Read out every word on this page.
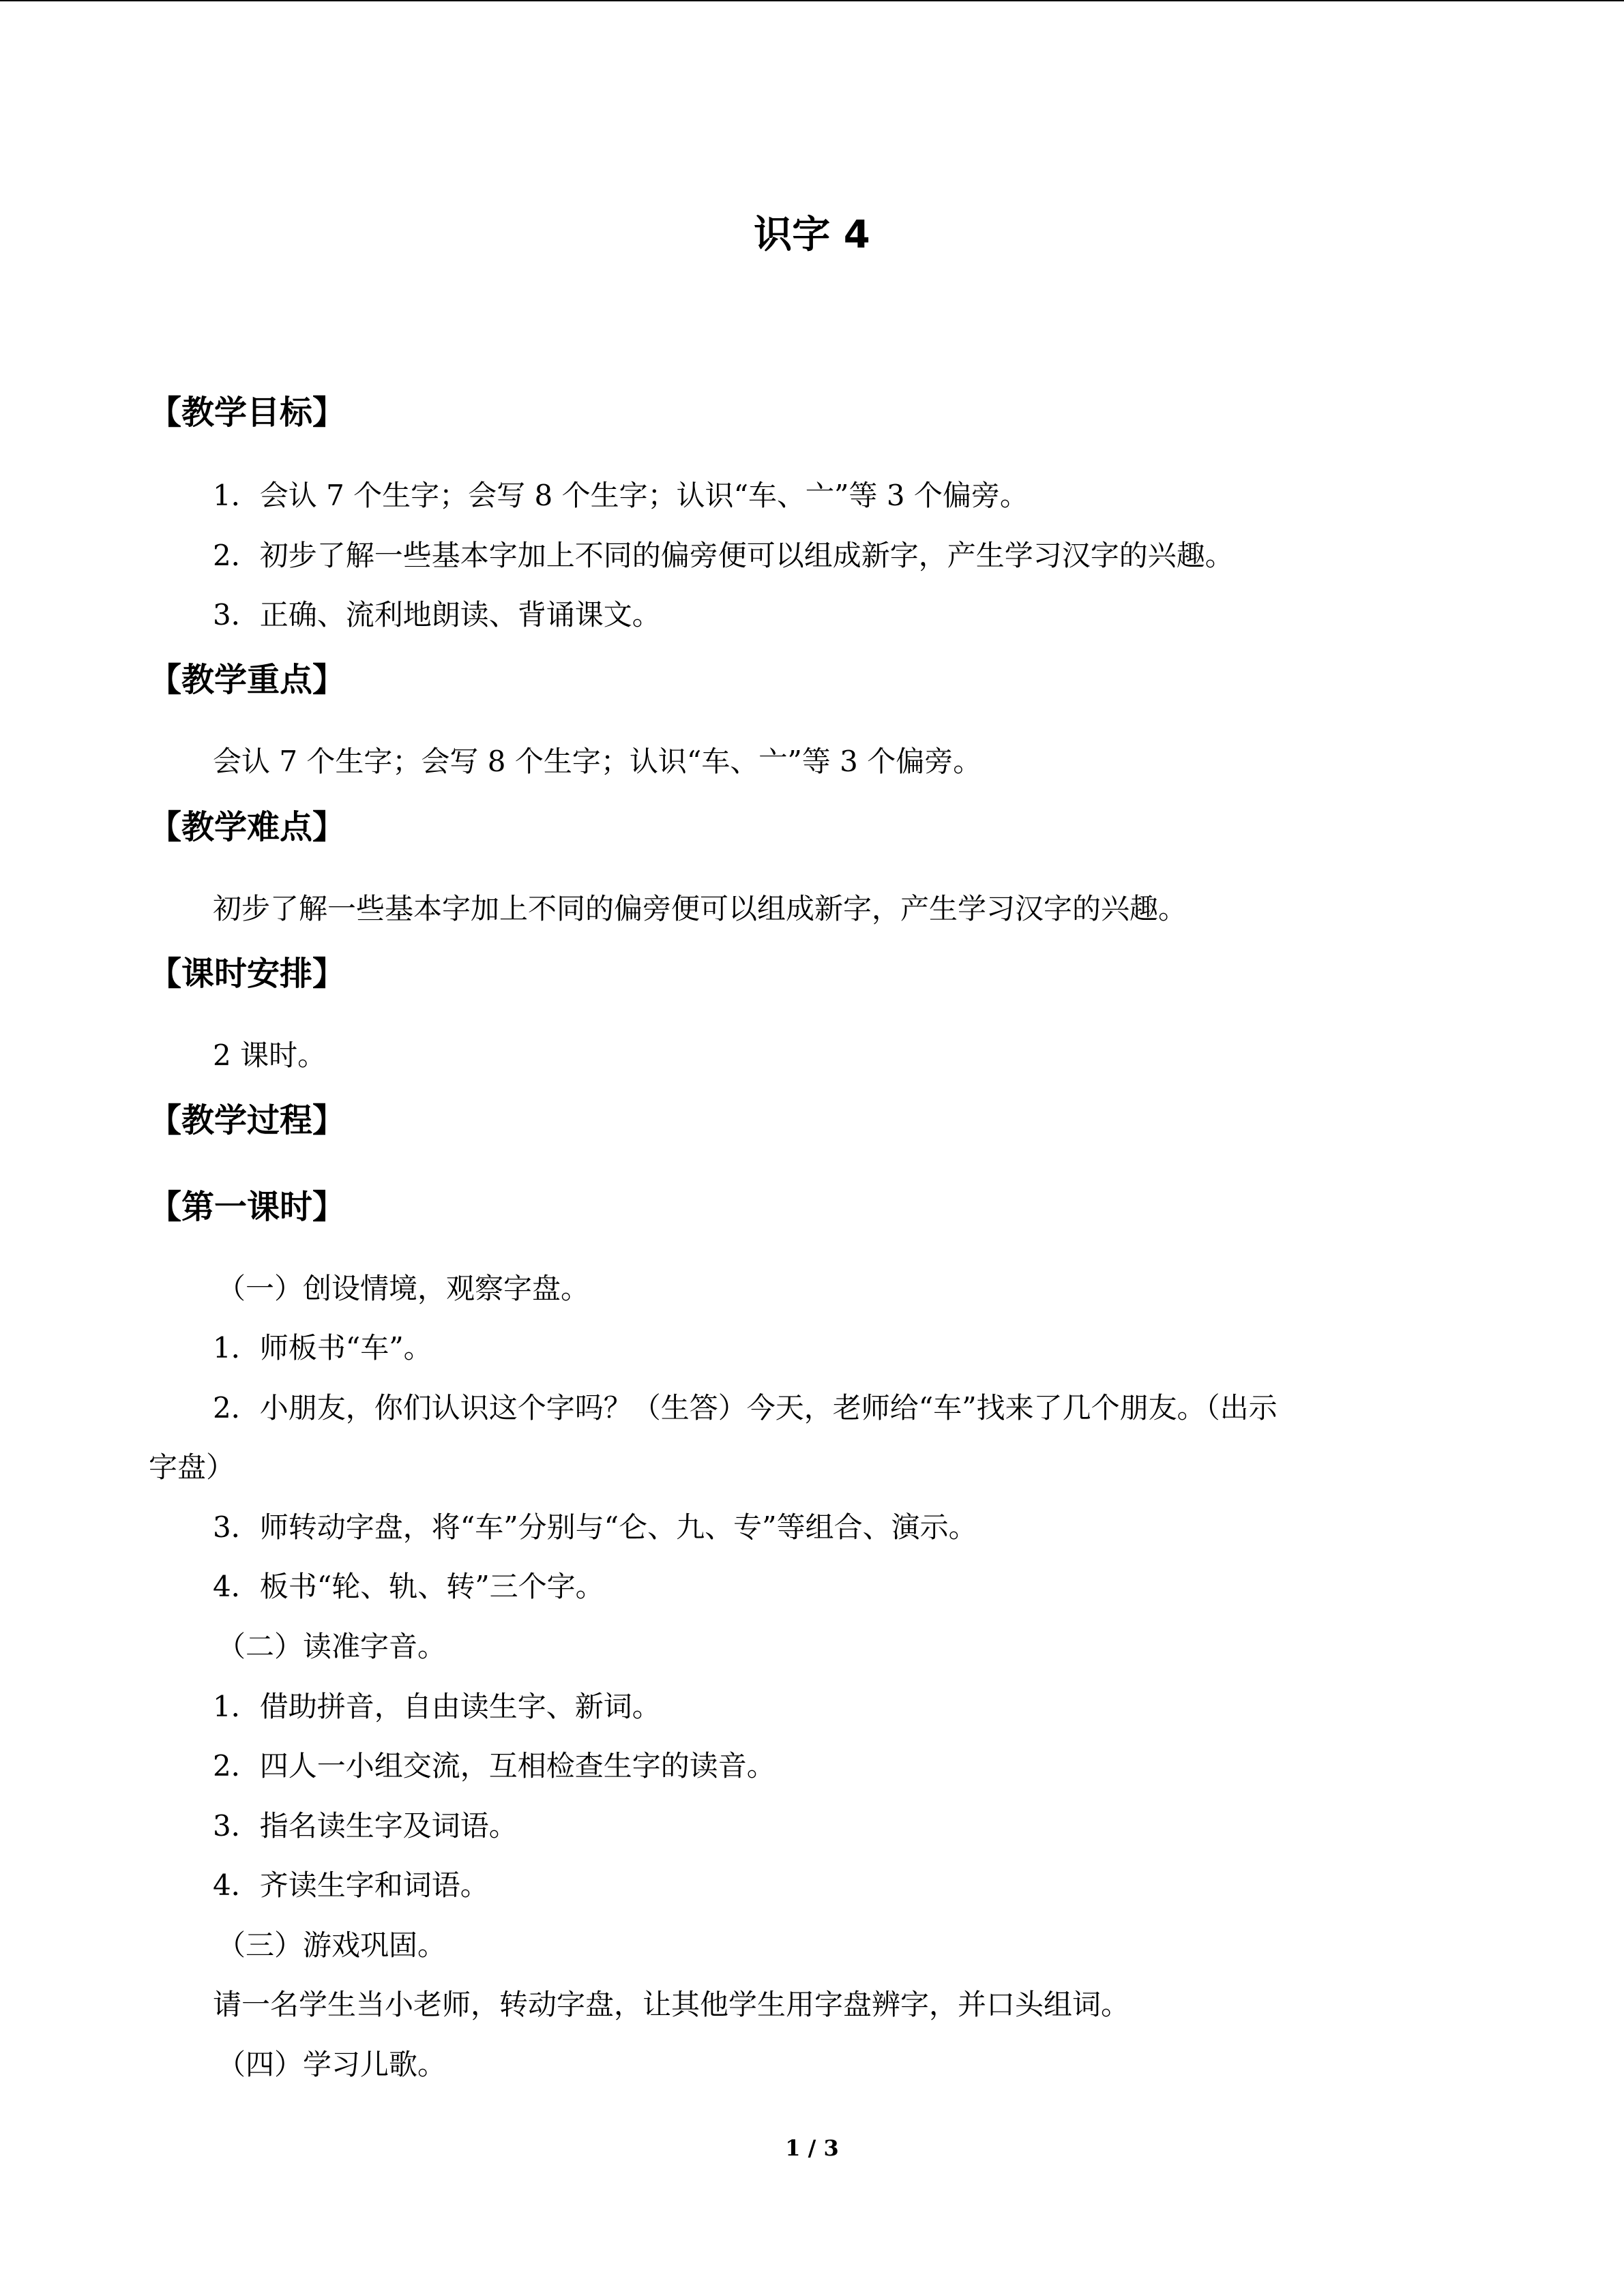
识字 4
【教学目标】

1．会认 7 个生字；会写 8 个生字；认识“车、亠”等 3 个偏旁。

2．初步了解一些基本字加上不同的偏旁便可以组成新字，产生学习汉字的兴趣。

3．正确、流利地朗读、背诵课文。

【教学重点】

会认 7 个生字；会写 8 个生字；认识“车、亠”等 3 个偏旁。

【教学难点】

初步了解一些基本字加上不同的偏旁便可以组成新字，产生学习汉字的兴趣。

【课时安排】

2 课时。

【教学过程】
【第一课时】

（一）创设情境，观察字盘。

1．师板书“车”。

2．小朋友，你们认识这个字吗？（生答）今天，老师给“车”找来了几个朋友。（出示

字盘）

3．师转动字盘，将“车”分别与“仑、九、专”等组合、演示。

4．板书“轮、轨、转”三个字。

（二）读准字音。

1．借助拼音，自由读生字、新词。

2．四人一小组交流，互相检查生字的读音。

3．指名读生字及词语。

4．齐读生字和词语。

（三）游戏巩固。

请一名学生当小老师，转动字盘，让其他学生用字盘辨字，并口头组词。

（四）学习儿歌。

1 / 3
